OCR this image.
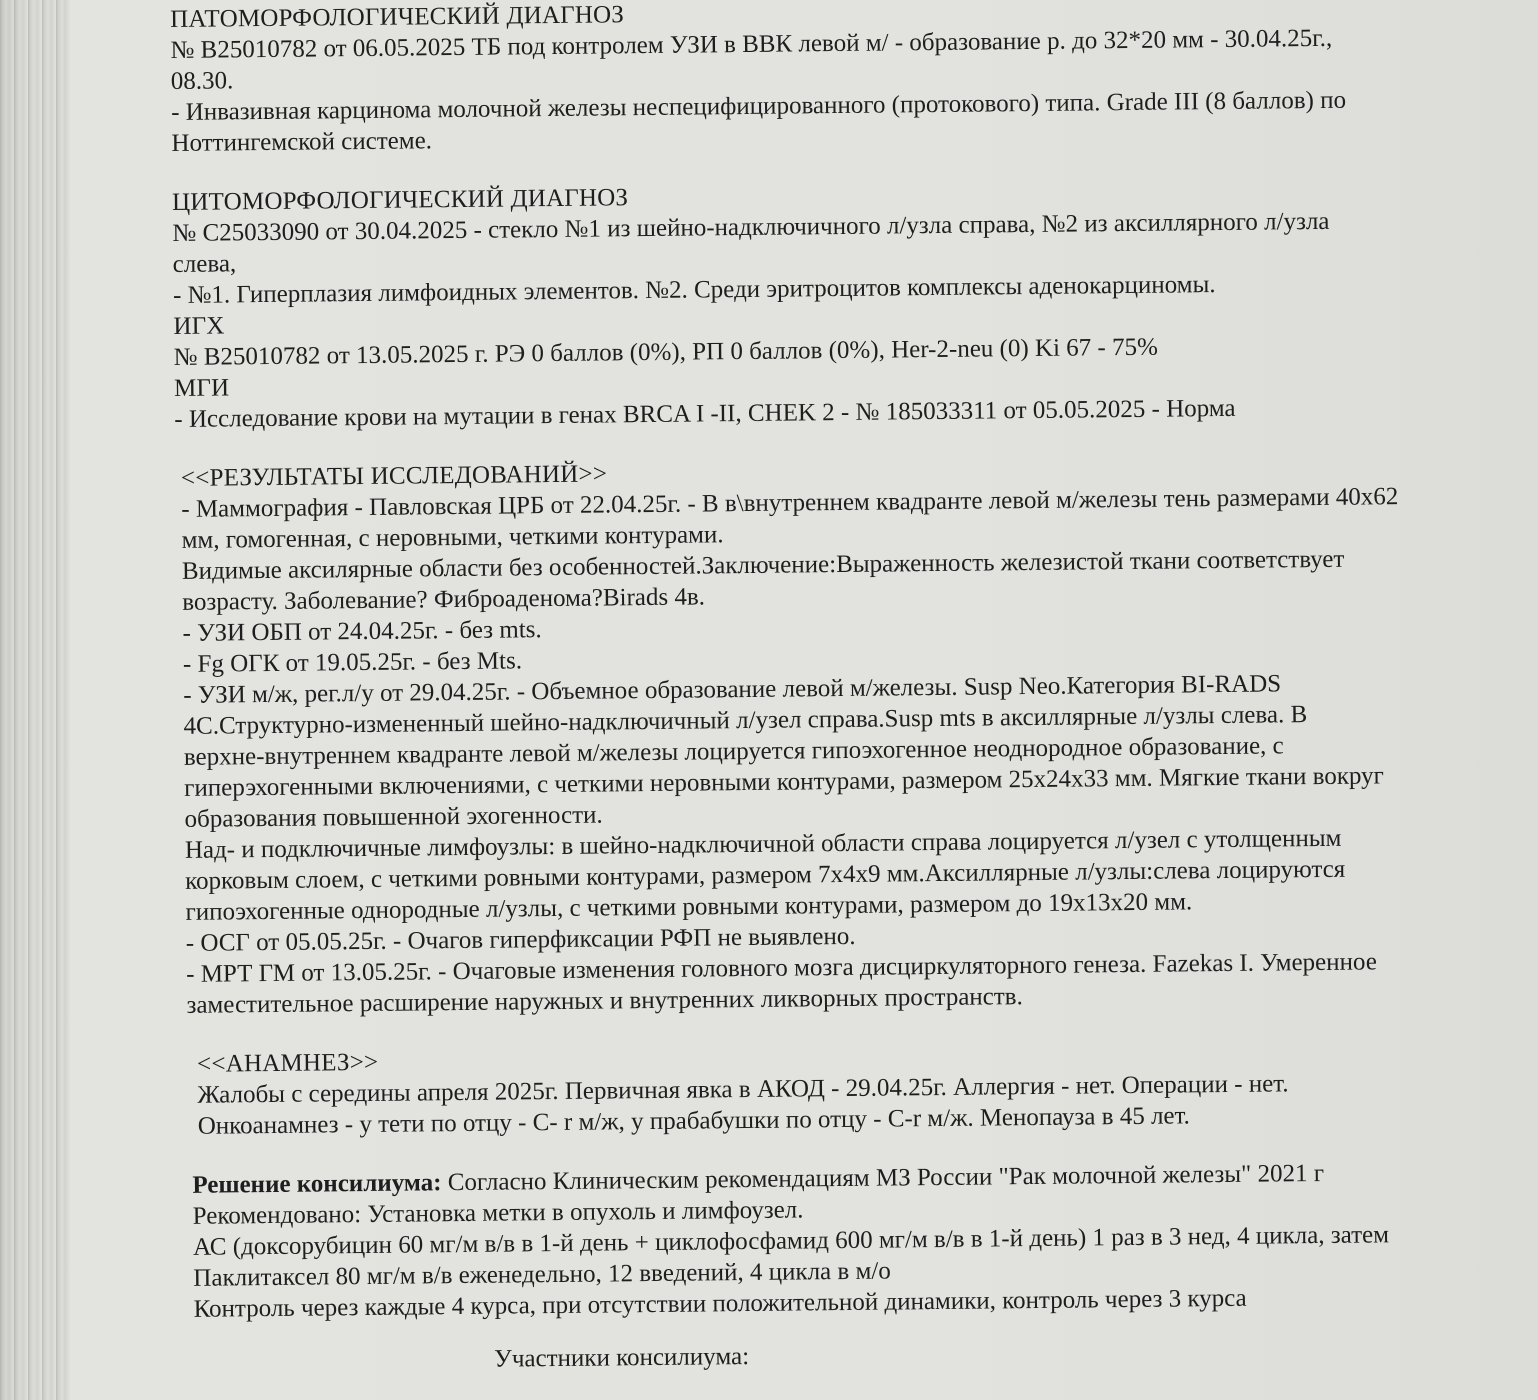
ПАТОМОРФОЛОГИЧЕСКИЙ ДИАГНОЗ

№ В25010782 от 06.05.2025 ТБ под контролем УЗИ в ВВК левой м/ - образование р. до 32*20 мм - 30.04.25г.,

08.30.

- Инвазивная карцинома молочной железы неспецифицированного (протокового) типа. Grade III (8 баллов) по

Ноттингемской системе.

ЦИТОМОРФОЛОГИЧЕСКИЙ ДИАГНОЗ

№ С25033090 от 30.04.2025 - стекло №1 из шейно-надключичного л/узла справа, №2 из аксиллярного л/узла

слева,

- №1. Гиперплазия лимфоидных элементов. №2. Среди эритроцитов комплексы аденокарциномы.

ИГХ

№ В25010782 от 13.05.2025 г. РЭ 0 баллов (0%), РП 0 баллов (0%), Her-2-neu (0) Ki 67 - 75%

МГИ

- Исследование крови на мутации в генах BRCA I -II, CHEK 2 - № 185033311 от 05.05.2025 - Норма

<<РЕЗУЛЬТАТЫ ИССЛЕДОВАНИЙ>>

- Маммография - Павловская ЦРБ от 22.04.25г. - В в\внутреннем квадранте левой м/железы тень размерами 40х62

мм, гомогенная, с неровными, четкими контурами.

Видимые аксилярные области без особенностей.Заключение:Выраженность железистой ткани соответствует

возрасту. Заболевание? Фиброаденома?Birads 4в.

- УЗИ ОБП от 24.04.25г. - без mts.

- Fg ОГК от 19.05.25г. - без Mts.

- УЗИ м/ж, рег.л/у от 29.04.25г. - Объемное образование левой м/железы. Susp Neo.Категория BI-RADS

4С.Структурно-измененный шейно-надключичный л/узел справа.Susp mts в аксиллярные л/узлы слева. В

верхне-внутреннем квадранте левой м/железы лоцируется гипоэхогенное неоднородное образование, с

гиперэхогенными включениями, с четкими неровными контурами, размером 25х24х33 мм. Мягкие ткани вокруг

образования повышенной эхогенности.

Над- и подключичные лимфоузлы: в шейно-надключичной области справа лоцируется л/узел с утолщенным

корковым слоем, с четкими ровными контурами, размером 7х4х9 мм.Аксиллярные л/узлы:слева лоцируются

гипоэхогенные однородные л/узлы, с четкими ровными контурами, размером до 19х13х20 мм.

- ОСГ от 05.05.25г. - Очагов гиперфиксации РФП не выявлено.

- МРТ ГМ от 13.05.25г. - Очаговые изменения головного мозга дисциркуляторного генеза. Fazekas I. Умеренное

заместительное расширение наружных и внутренних ликворных пространств.

<<АНАМНЕЗ>>

Жалобы с середины апреля 2025г. Первичная явка в АКОД - 29.04.25г. Аллергия - нет. Операции - нет.

Онкоанамнез - у тети по отцу - С- r м/ж, у прабабушки по отцу - С-r м/ж. Менопауза в 45 лет.

Решение консилиума: Согласно Клиническим рекомендациям МЗ России "Рак молочной железы" 2021 г

Рекомендовано: Установка метки в опухоль и лимфоузел.

АС (доксорубицин 60 мг/м в/в в 1-й день + циклофосфамид 600 мг/м в/в в 1-й день) 1 раз в 3 нед, 4 цикла, затем

Паклитаксел 80 мг/м в/в еженедельно, 12 введений, 4 цикла в м/о

Контроль через каждые 4 курса, при отсутствии положительной динамики, контроль через 3 курса

Участники консилиума:
